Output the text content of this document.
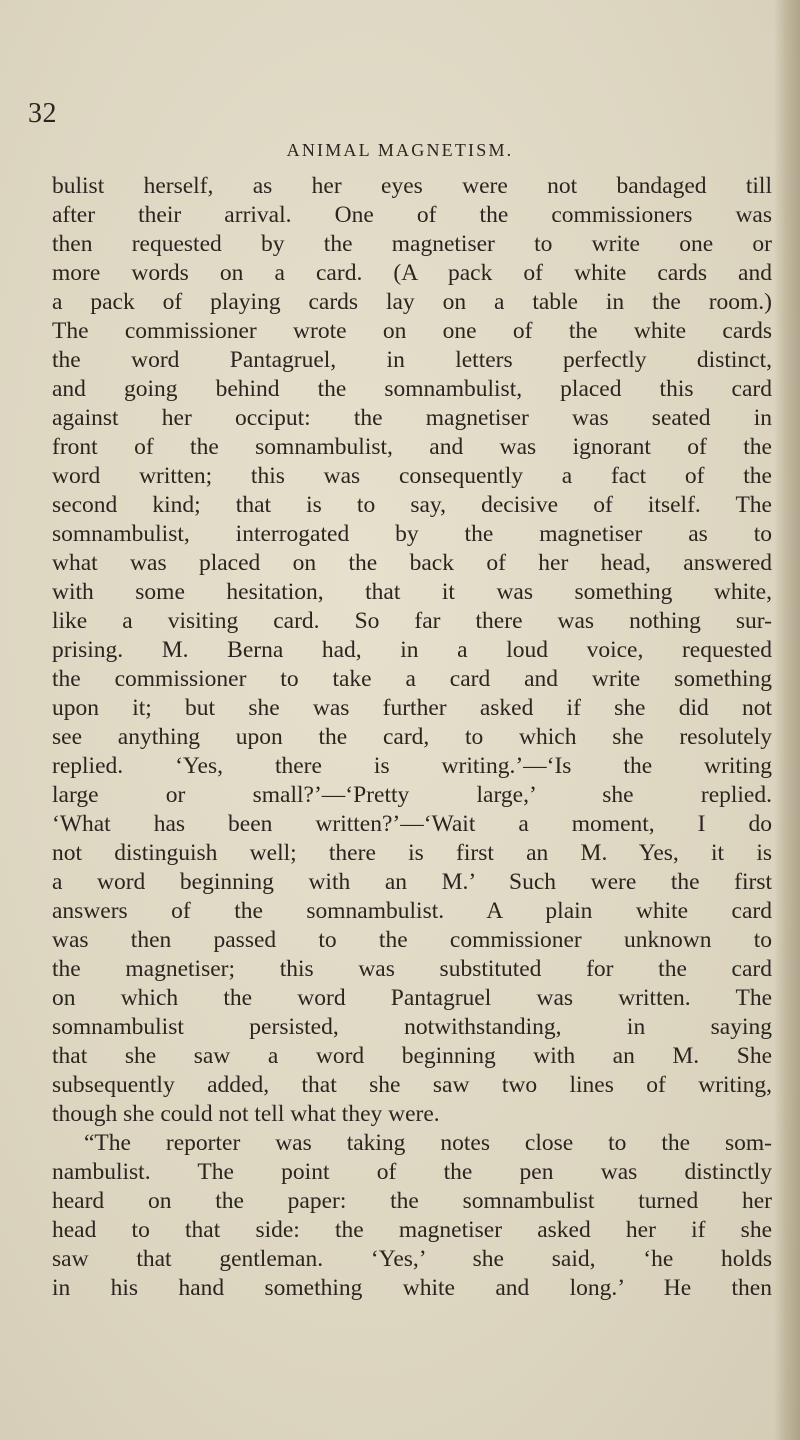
32
ANIMAL MAGNETISM.
bulist herself, as her eyes were not bandaged till
after their arrival. One of the commissioners was
then requested by the magnetiser to write one or
more words on a card. (A pack of white cards and
a pack of playing cards lay on a table in the room.)
The commissioner wrote on one of the white cards
the word Pantagruel, in letters perfectly distinct,
and going behind the somnambulist, placed this card
against her occiput: the magnetiser was seated in
front of the somnambulist, and was ignorant of the
word written; this was consequently a fact of the
second kind; that is to say, decisive of itself. The
somnambulist, interrogated by the magnetiser as to
what was placed on the back of her head, answered
with some hesitation, that it was something white,
like a visiting card. So far there was nothing sur-
prising. M. Berna had, in a loud voice, requested
the commissioner to take a card and write something
upon it; but she was further asked if she did not
see anything upon the card, to which she resolutely
replied. ‘Yes, there is writing.’—‘Is the writing
large or small?’—‘Pretty large,’ she replied.
‘What has been written?’—‘Wait a moment, I do
not distinguish well; there is first an M. Yes, it is
a word beginning with an M.’ Such were the first
answers of the somnambulist. A plain white card
was then passed to the commissioner unknown to
the magnetiser; this was substituted for the card
on which the word Pantagruel was written. The
somnambulist persisted, notwithstanding, in saying
that she saw a word beginning with an M. She
subsequently added, that she saw two lines of writing,
though she could not tell what they were.
“The reporter was taking notes close to the som-
nambulist. The point of the pen was distinctly
heard on the paper: the somnambulist turned her
head to that side: the magnetiser asked her if she
saw that gentleman. ‘Yes,’ she said, ‘he holds
in his hand something white and long.’ He then
